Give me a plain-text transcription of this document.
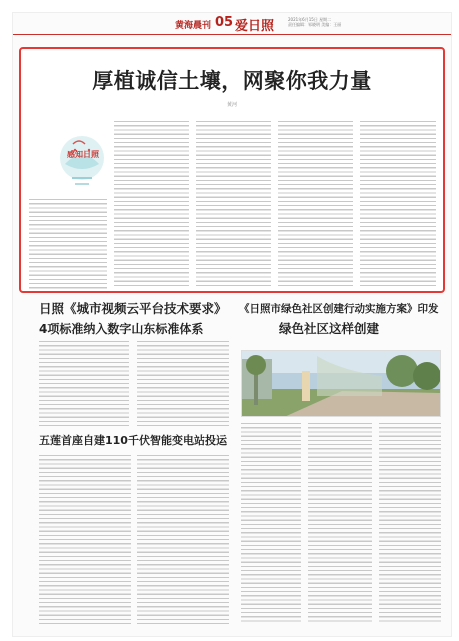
黄海晨刊 05 爱日照	2021年6月15日 星期二
责任编辑：邹晓明 美编：王丽
厚植诚信土壤，网聚你我力量
黄河
感知日照
日照《城市视频云平台技术要求》
4项标准纳入数字山东标准体系
《日照市绿色社区创建行动实施方案》印发
绿色社区这样创建
五莲首座自建110千伏智能变电站投运
